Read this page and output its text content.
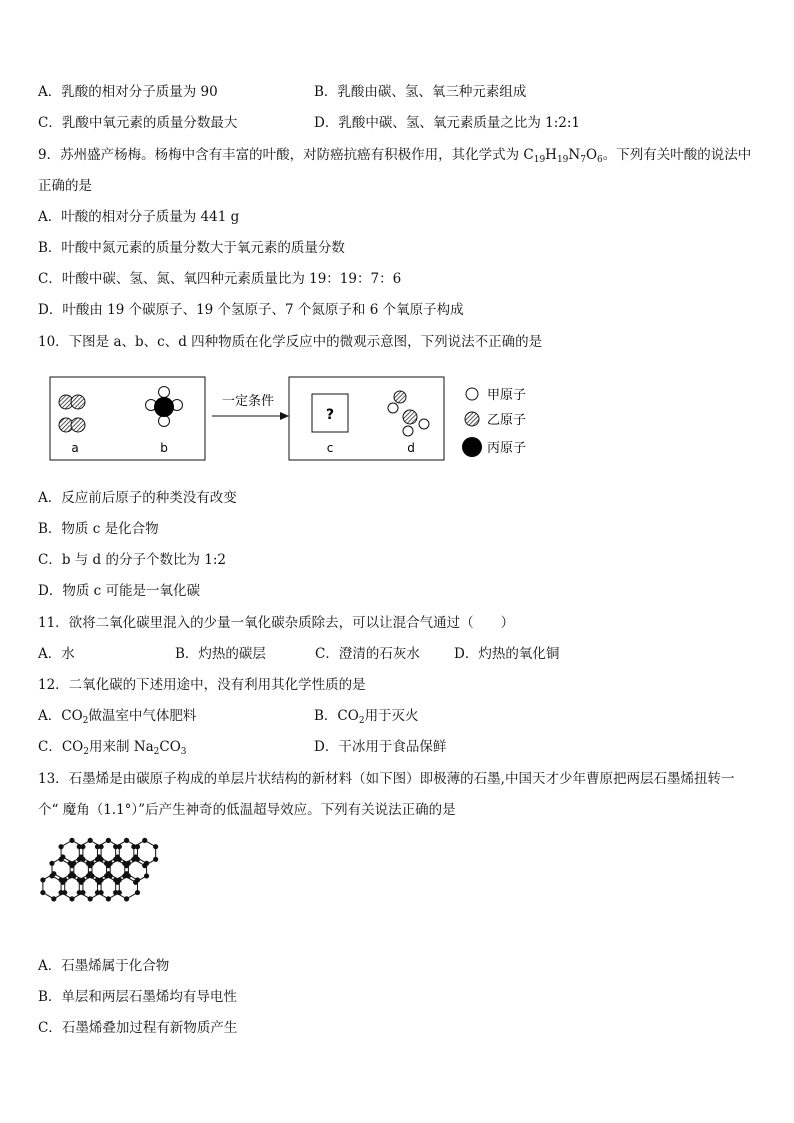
A．乳酸的相对分子质量为 90	B．乳酸由碳、氢、氧三种元素组成
C．乳酸中氧元素的质量分数最大	D．乳酸中碳、氢、氧元素质量之比为 1:2:1
9．苏州盛产杨梅。杨梅中含有丰富的叶酸，对防癌抗癌有积极作用，其化学式为 $C_{19}H_{19}N_7O_6$。下列有关叶酸的说法中
正确的是
A．叶酸的相对分子质量为 441 g
B．叶酸中氮元素的质量分数大于氧元素的质量分数
C．叶酸中碳、氢、氮、氧四种元素质量比为 19：19：7：6
D．叶酸由 19 个碳原子、19 个氢原子、7 个氮原子和 6 个氧原子构成
10．下图是 a、b、c、d 四种物质在化学反应中的微观示意图，下列说法不正确的是
a	b
一定条件
?
c	d
甲原子
乙原子
丙原子
A．反应前后原子的种类没有改变
B．物质 c 是化合物
C．b 与 d 的分子个数比为 1:2
D．物质 c 可能是一氧化碳
11．欲将二氧化碳里混入的少量一氧化碳杂质除去，可以让混合气通过（　　）
A．水	B．灼热的碳层	C．澄清的石灰水	D．灼热的氧化铜
12．二氧化碳的下述用途中，没有利用其化学性质的是
A．$CO_2$做温室中气体肥料	B．$CO_2$用于灭火
C．$CO_2$用来制 $Na_2CO_3$	D．干冰用于食品保鲜
13．石墨烯是由碳原子构成的单层片状结构的新材料（如下图）即极薄的石墨,中国天才少年曹原把两层石墨烯扭转一
个“ 魔角（1.1°）”后产生神奇的低温超导效应。下列有关说法正确的是
A．石墨烯属于化合物
B．单层和两层石墨烯均有导电性
C．石墨烯叠加过程有新物质产生
